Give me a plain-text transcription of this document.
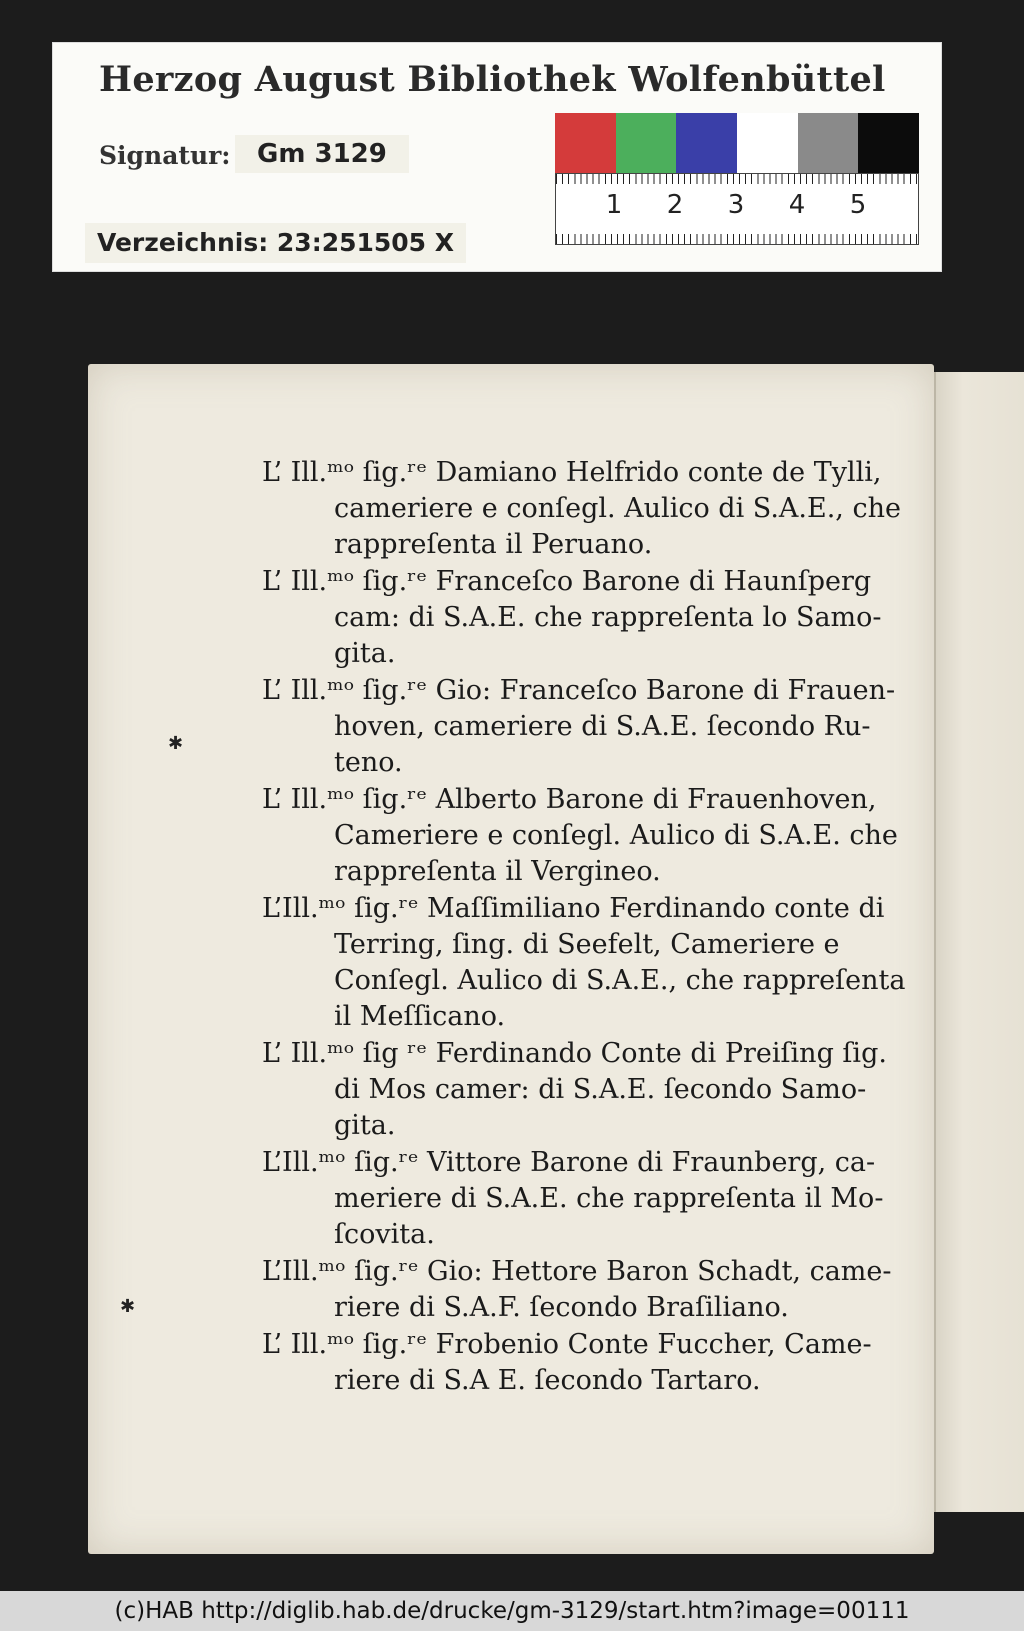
Herzog August Bibliothek Wolfenbüttel
Signatur:	Gm 3129
Verzeichnis: 23:251505 X
1 2 3 4 5

✱
✱
L’ Ill.ᵐᵒ ſig.ʳᵉ Damiano Helfrido conte de Tylli,
cameriere e conſegl. Aulico di S.A.E., che
rappreſenta il Peruano.
L’ Ill.ᵐᵒ ſig.ʳᵉ Franceſco Barone di Haunſperg
cam: di S.A.E. che rappreſenta lo Samo-
gita.
L’ Ill.ᵐᵒ ſig.ʳᵉ Gio: Franceſco Barone di Frauen-
hoven, cameriere di S.A.E. ſecondo Ru-
teno.
L’ Ill.ᵐᵒ ſig.ʳᵉ Alberto Barone di Frauenhoven,
Cameriere e conſegl. Aulico di S.A.E. che
rappreſenta il Vergineo.
L’Ill.ᵐᵒ ſig.ʳᵉ Maſſimiliano Ferdinando conte di
Terring, ſing. di Seefelt, Cameriere e
Conſegl. Aulico di S.A.E., che rappreſenta
il Meſſicano.
L’ Ill.ᵐᵒ ſig ʳᵉ Ferdinando Conte di Preiſing ſig.
di Mos camer: di S.A.E. ſecondo Samo-
gita.
L’Ill.ᵐᵒ ſig.ʳᵉ Vittore Barone di Fraunberg, ca-
meriere di S.A.E. che rappreſenta il Mo-
ſcovita.
L’Ill.ᵐᵒ ſig.ʳᵉ Gio: Hettore Baron Schadt, came-
riere di S.A.F. ſecondo Braſiliano.
L’ Ill.ᵐᵒ ſig.ʳᵉ Frobenio Conte Fuccher, Came-
riere di S.A E. ſecondo Tartaro.
(c)HAB http://diglib.hab.de/drucke/gm-3129/start.htm?image=00111
